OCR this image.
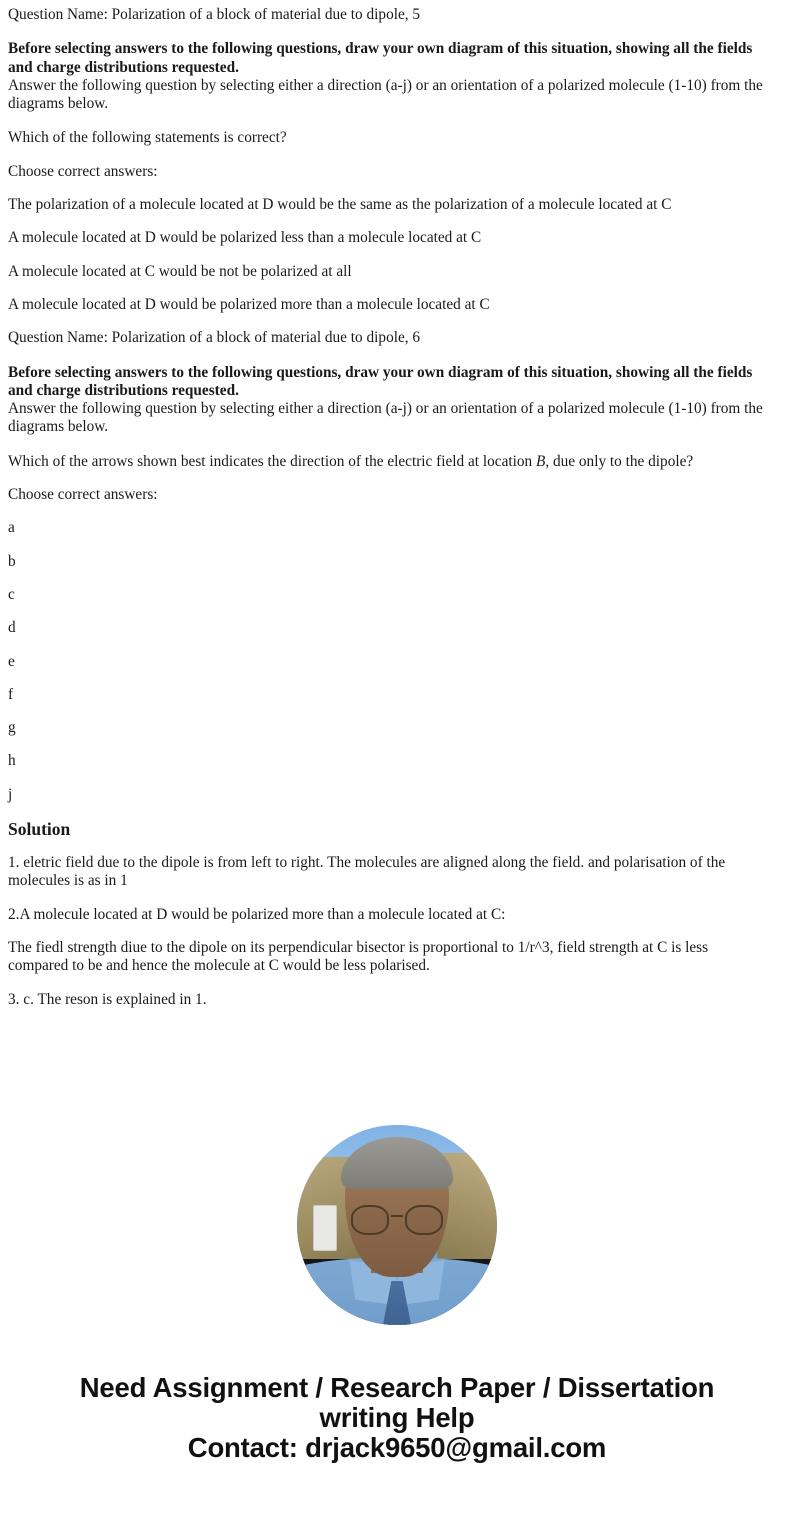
Question Name: Polarization of a block of material due to dipole, 5

Before selecting answers to the following questions, draw your own diagram of this situation, showing all the fields and charge distributions requested.

Answer the following question by selecting either a direction (a-j) or an orientation of a polarized molecule (1-10) from the diagrams below.

Which of the following statements is correct?

Choose correct answers:

The polarization of a molecule located at D would be the same as the polarization of a molecule located at C

A molecule located at D would be polarized less than a molecule located at C

A molecule located at C would be not be polarized at all

A molecule located at D would be polarized more than a molecule located at C

Question Name: Polarization of a block of material due to dipole, 6

Before selecting answers to the following questions, draw your own diagram of this situation, showing all the fields and charge distributions requested.

Answer the following question by selecting either a direction (a-j) or an orientation of a polarized molecule (1-10) from the diagrams below.

Which of the arrows shown best indicates the direction of the electric field at location B, due only to the dipole?

Choose correct answers:

a

b

c

d

e

f

g

h

j

Solution

1. eletric field due to the dipole is from left to right. The molecules are aligned along the field. and polarisation of the molecules is as in 1

2.A molecule located at D would be polarized more than a molecule located at C:

The fiedl strength diue to the dipole on its perpendicular bisector is proportional to 1/r^3, field strength at C is less compared to be and hence the molecule at C would be less polarised.

3. c. The reson is explained in 1.

Need Assignment / Research Paper / Dissertation
writing Help
Contact: drjack9650@gmail.com
